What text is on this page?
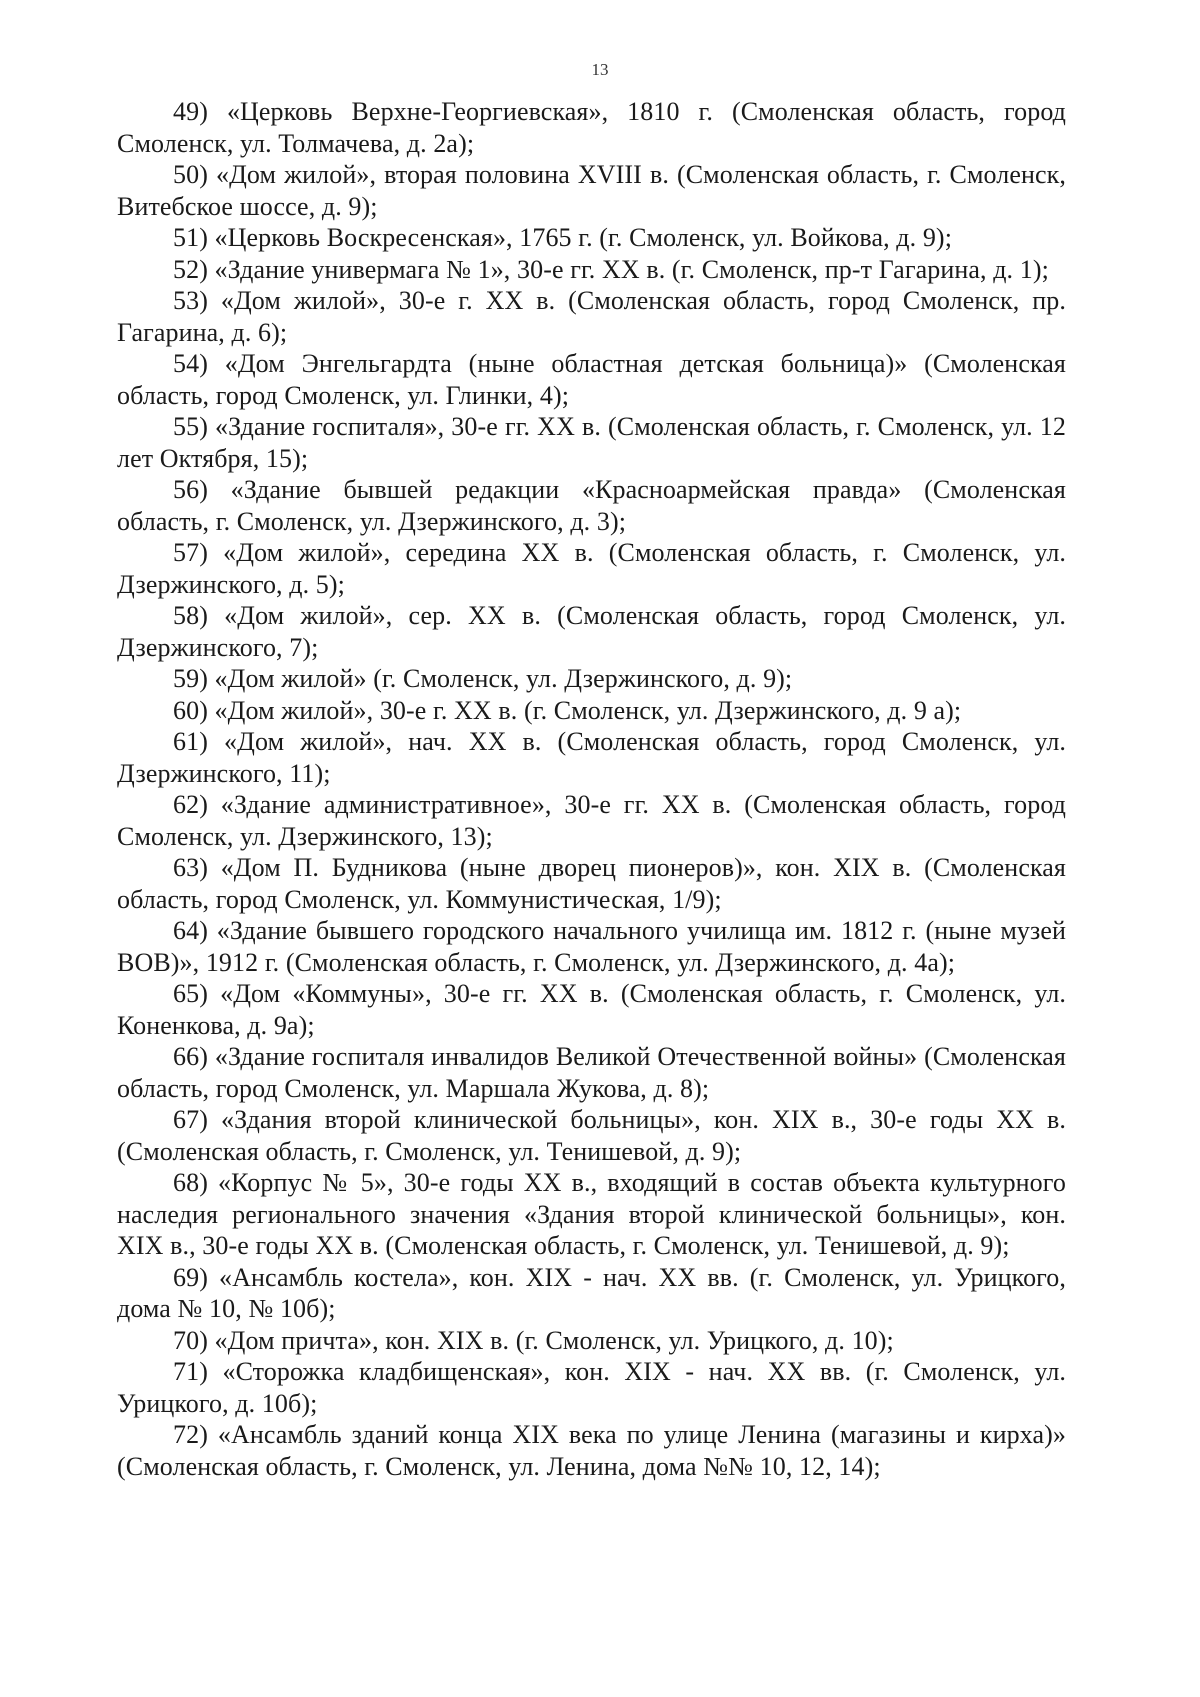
13

49) «Церковь Верхне-Георгиевская», 1810 г. (Смоленская область, город Смоленск, ул. Толмачева, д. 2а);

50) «Дом жилой», вторая половина XVIII в. (Смоленская область, г. Смоленск, Витебское шоссе, д. 9);

51) «Церковь Воскресенская», 1765 г. (г. Смоленск, ул. Войкова, д. 9);

52) «Здание универмага № 1», 30-е гг. XX в. (г. Смоленск, пр-т Гагарина, д. 1);

53) «Дом жилой», 30-е г. XX в. (Смоленская область, город Смоленск, пр. Гагарина, д. 6);

54) «Дом Энгельгардта (ныне областная детская больница)» (Смоленская область, город Смоленск, ул. Глинки, 4);

55) «Здание госпиталя», 30-е гг. XX в. (Смоленская область, г. Смоленск, ул. 12 лет Октября, 15);

56) «Здание бывшей редакции «Красноармейская правда» (Смоленская область, г. Смоленск, ул. Дзержинского, д. 3);

57) «Дом жилой», середина XX в. (Смоленская область, г. Смоленск, ул. Дзержинского, д. 5);

58) «Дом жилой», сер. XX в. (Смоленская область, город Смоленск, ул. Дзержинского, 7);

59) «Дом жилой» (г. Смоленск, ул. Дзержинского, д. 9);

60) «Дом жилой», 30-е г. XX в. (г. Смоленск, ул. Дзержинского, д. 9 а);

61) «Дом жилой», нач. XX в. (Смоленская область, город Смоленск, ул. Дзержинского, 11);

62) «Здание административное», 30-е гг. XX в. (Смоленская область, город Смоленск, ул. Дзержинского, 13);

63) «Дом П. Будникова (ныне дворец пионеров)», кон. XIX в. (Смоленская область, город Смоленск, ул. Коммунистическая, 1/9);

64) «Здание бывшего городского начального училища им. 1812 г. (ныне музей ВОВ)», 1912 г. (Смоленская область, г. Смоленск, ул. Дзержинского, д. 4а);

65) «Дом «Коммуны», 30-е гг. XX в. (Смоленская область, г. Смоленск, ул. Коненкова, д. 9а);

66) «Здание госпиталя инвалидов Великой Отечественной войны» (Смоленская область, город Смоленск, ул. Маршала Жукова, д. 8);

67) «Здания второй клинической больницы», кон. XIX в., 30-е годы XX в. (Смоленская область, г. Смоленск, ул. Тенишевой, д. 9);

68) «Корпус № 5», 30-е годы XX в., входящий в состав объекта культурного наследия регионального значения «Здания второй клинической больницы», кон. XIX в., 30-е годы XX в. (Смоленская область, г. Смоленск, ул. Тенишевой, д. 9);

69) «Ансамбль костела», кон. XIX - нач. XX вв. (г. Смоленск, ул. Урицкого, дома № 10, № 10б);

70) «Дом причта», кон. XIX в. (г. Смоленск, ул. Урицкого, д. 10);

71) «Сторожка кладбищенская», кон. XIX - нач. XX вв. (г. Смоленск, ул. Урицкого, д. 10б);

72) «Ансамбль зданий конца XIX века по улице Ленина (магазины и кирха)» (Смоленская область, г. Смоленск, ул. Ленина, дома №№ 10, 12, 14);
